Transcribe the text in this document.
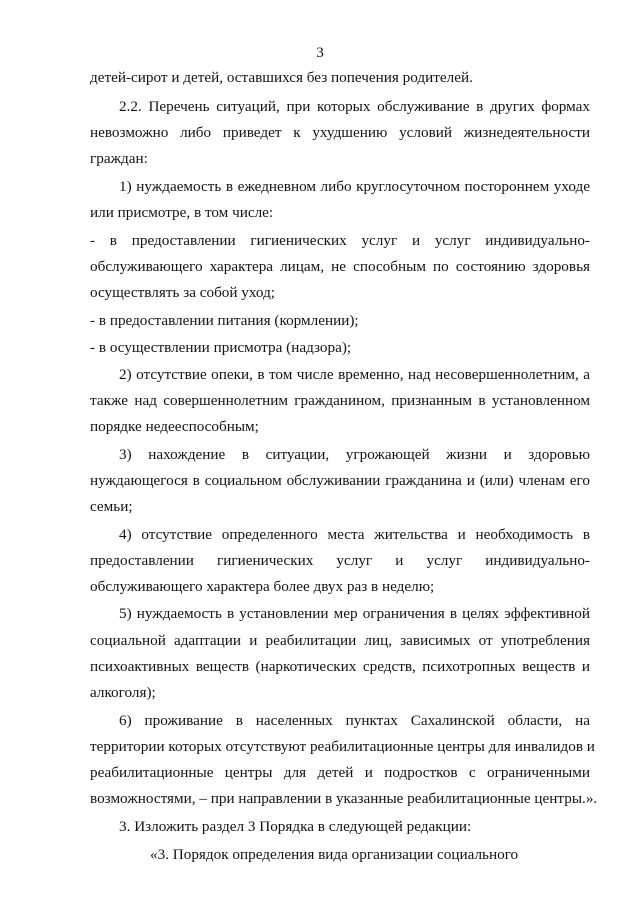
3
детей-сирот и детей, оставшихся без попечения родителей.
2.2. Перечень ситуаций, при которых обслуживание в других формах
невозможно либо приведет к ухудшению условий жизнедеятельности
граждан:
1) нуждаемость в ежедневном либо круглосуточном постороннем уходе
или присмотре, в том числе:
- в предоставлении гигиенических услуг и услуг индивидуально-
обслуживающего характера лицам, не способным по состоянию здоровья
осуществлять за собой уход;
- в предоставлении питания (кормлении);
- в осуществлении присмотра (надзора);
2) отсутствие опеки, в том числе временно, над несовершеннолетним, а
также над совершеннолетним гражданином, признанным в установленном
порядке недееспособным;
3) нахождение в ситуации, угрожающей жизни и здоровью
нуждающегося в социальном обслуживании гражданина и (или) членам его
семьи;
4) отсутствие определенного места жительства и необходимость в
предоставлении гигиенических услуг и услуг индивидуально-
обслуживающего характера более двух раз в неделю;
5) нуждаемость в установлении мер ограничения в целях эффективной
социальной адаптации и реабилитации лиц, зависимых от употребления
психоактивных веществ (наркотических средств, психотропных веществ и
алкоголя);
6) проживание в населенных пунктах Сахалинской области, на
территории которых отсутствуют реабилитационные центры для инвалидов и
реабилитационные центры для детей и подростков с ограниченными
возможностями, – при направлении в указанные реабилитационные центры.».
3. Изложить раздел 3 Порядка в следующей редакции:
«3. Порядок определения вида организации социального
